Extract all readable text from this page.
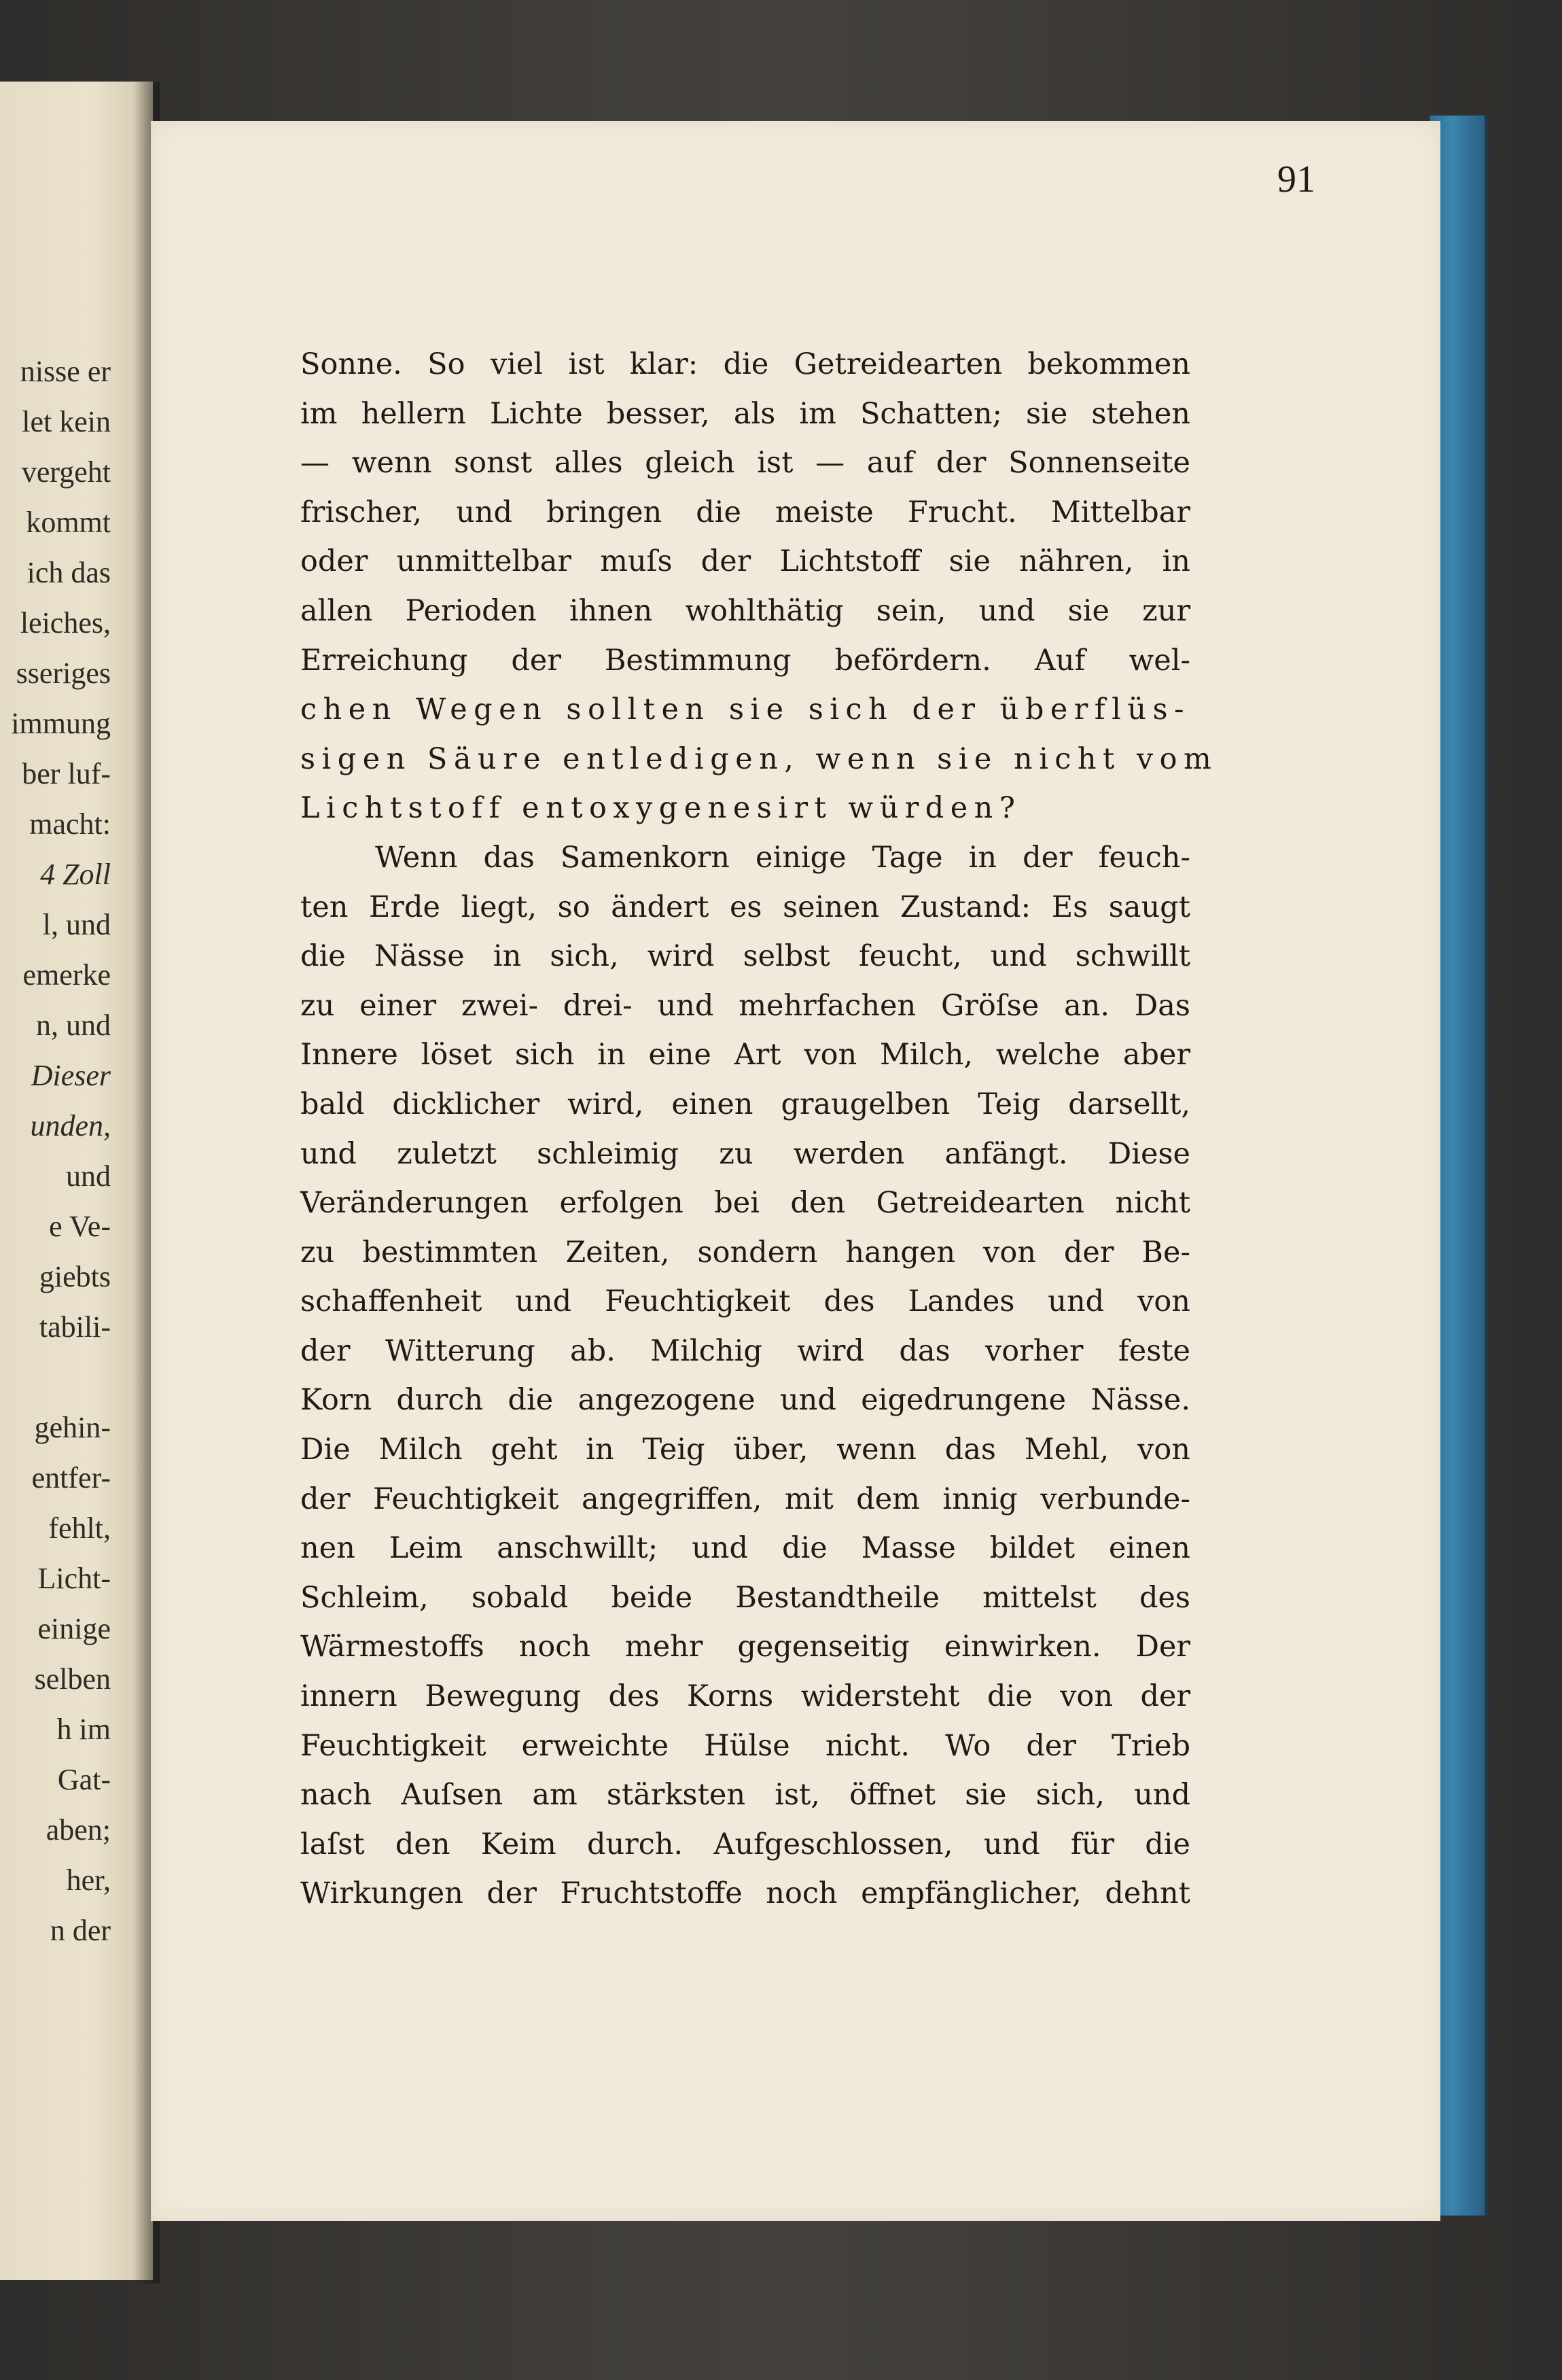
nisse er
let kein
vergeht
kommt
ich das
leiches,
sseriges
immung
ber luf-
macht:
4 Zoll
l, und
emerke
n, und
Dieser
unden,
und
e Ve-
giebts
tabili-
gehin-
entfer-
fehlt,
Licht-
einige
selben
h im
Gat-
aben;
her,
n der

91

Sonne. So viel ist klar: die Getreidearten bekommen
im hellern Lichte besser, als im Schatten; sie stehen
— wenn sonst alles gleich ist — auf der Sonnenseite
frischer, und bringen die meiste Frucht. Mittelbar
oder unmittelbar muſs der Lichtstoff sie nähren, in
allen Perioden ihnen wohlthätig sein, und sie zur
Erreichung der Bestimmung befördern. Auf wel-
chen Wegen sollten sie sich der überflüs-
sigen Säure entledigen, wenn sie nicht vom
Lichtstoff entoxygenesirt würden?
Wenn das Samenkorn einige Tage in der feuch-
ten Erde liegt, so ändert es seinen Zustand: Es saugt
die Nässe in sich, wird selbst feucht, und schwillt
zu einer zwei- drei- und mehrfachen Gröſse an. Das
Innere löset sich in eine Art von Milch, welche aber
bald dicklicher wird, einen graugelben Teig darsellt,
und zuletzt schleimig zu werden anfängt. Diese
Veränderungen erfolgen bei den Getreidearten nicht
zu bestimmten Zeiten, sondern hangen von der Be-
schaffenheit und Feuchtigkeit des Landes und von
der Witterung ab. Milchig wird das vorher feste
Korn durch die angezogene und eigedrungene Nässe.
Die Milch geht in Teig über, wenn das Mehl, von
der Feuchtigkeit angegriffen, mit dem innig verbunde-
nen Leim anschwillt; und die Masse bildet einen
Schleim, sobald beide Bestandtheile mittelst des
Wärmestoffs noch mehr gegenseitig einwirken. Der
innern Bewegung des Korns widersteht die von der
Feuchtigkeit erweichte Hülse nicht. Wo der Trieb
nach Auſsen am stärksten ist, öffnet sie sich, und
laſst den Keim durch. Aufgeschlossen, und für die
Wirkungen der Fruchtstoffe noch empfänglicher, dehnt
